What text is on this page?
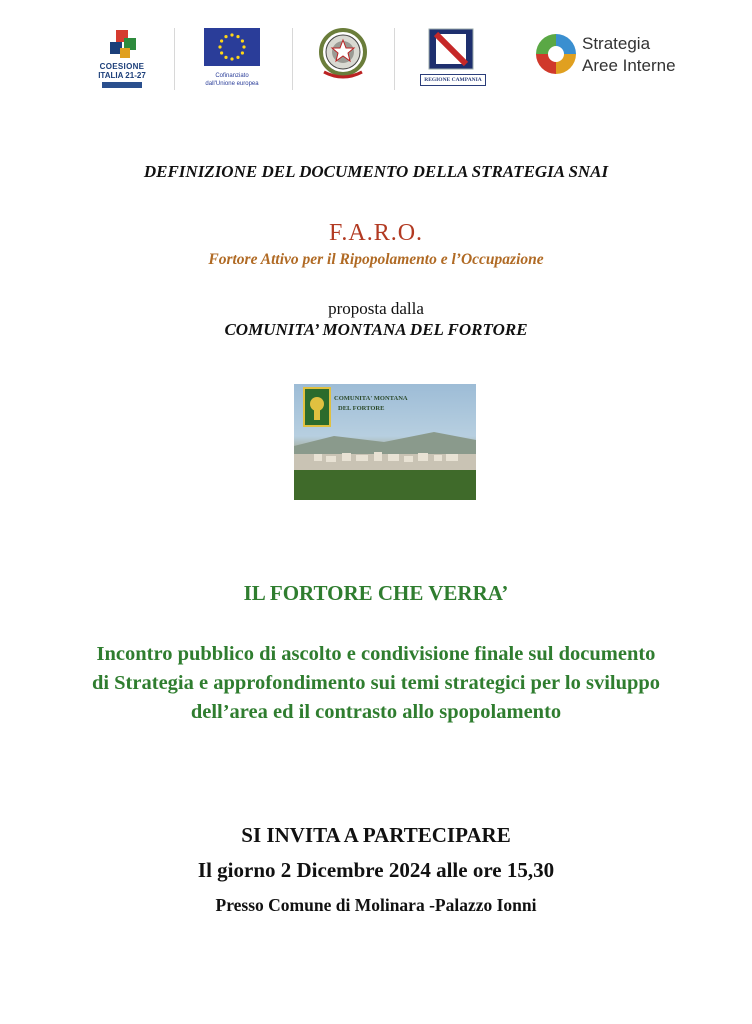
COESIONE
ITALIA 21-27	Cofinanziato
dall'Unione europea
REGIONE CAMPANIA
Strategia
Aree Interne
DEFINIZIONE DEL DOCUMENTO DELLA STRATEGIA SNAI
F.A.R.O.
Fortore Attivo per il Ripopolamento e l’Occupazione
proposta dalla
COMUNITA’ MONTANA DEL FORTORE
COMUNITA' MONTANA
DEL FORTORE
IL FORTORE CHE VERRA’
Incontro pubblico di ascolto e condivisione finale sul documento di Strategia e approfondimento sui temi strategici per lo sviluppo dell’area ed il contrasto allo spopolamento
SI INVITA A PARTECIPARE
Il giorno 2 Dicembre 2024 alle ore 15,30
Presso Comune di Molinara -Palazzo Ionni
